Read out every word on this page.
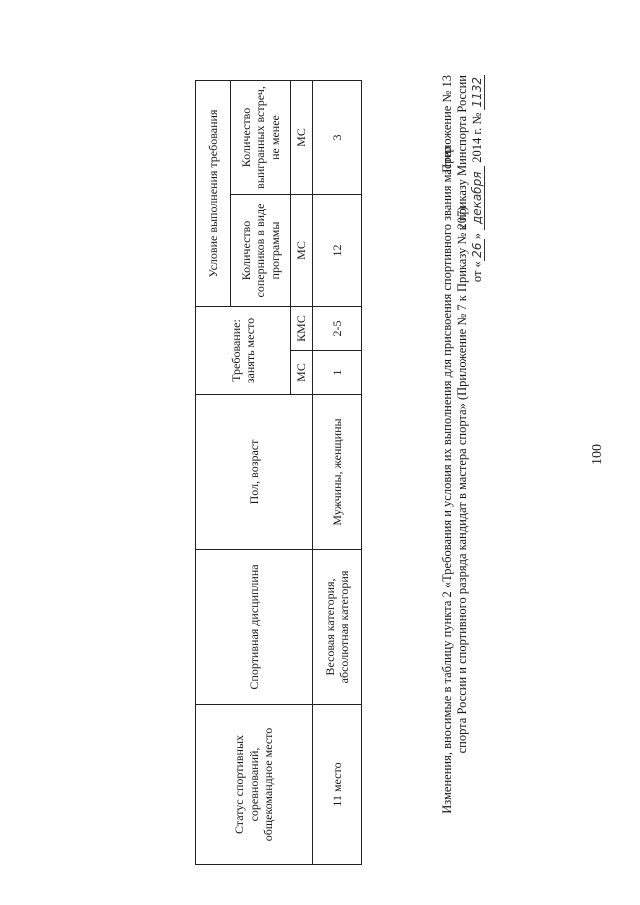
100
Приложение № 13 к приказу Минспорта России
от «26» декабря 2014 г. № 1132
Изменения, вносимые в таблицу пункта 2 «Требования и условия их выполнения для присвоения спортивного звания мастер спорта России и спортивного разряда кандидат в мастера спорта» (Приложение № 7 к Приказу № 207)
Статус спортивных соревнований, общекомандное место	Спортивная дисциплина	Пол, возраст	Требование: занять место		Условие выполнения требования	
					Количество соперников в виде программы	Количество выигранных встреч, не менее
			МС	КМС	МС	МС
11 место	Весовая категория, абсолютная категория	Мужчины, женщины	1	2-5	12	3
